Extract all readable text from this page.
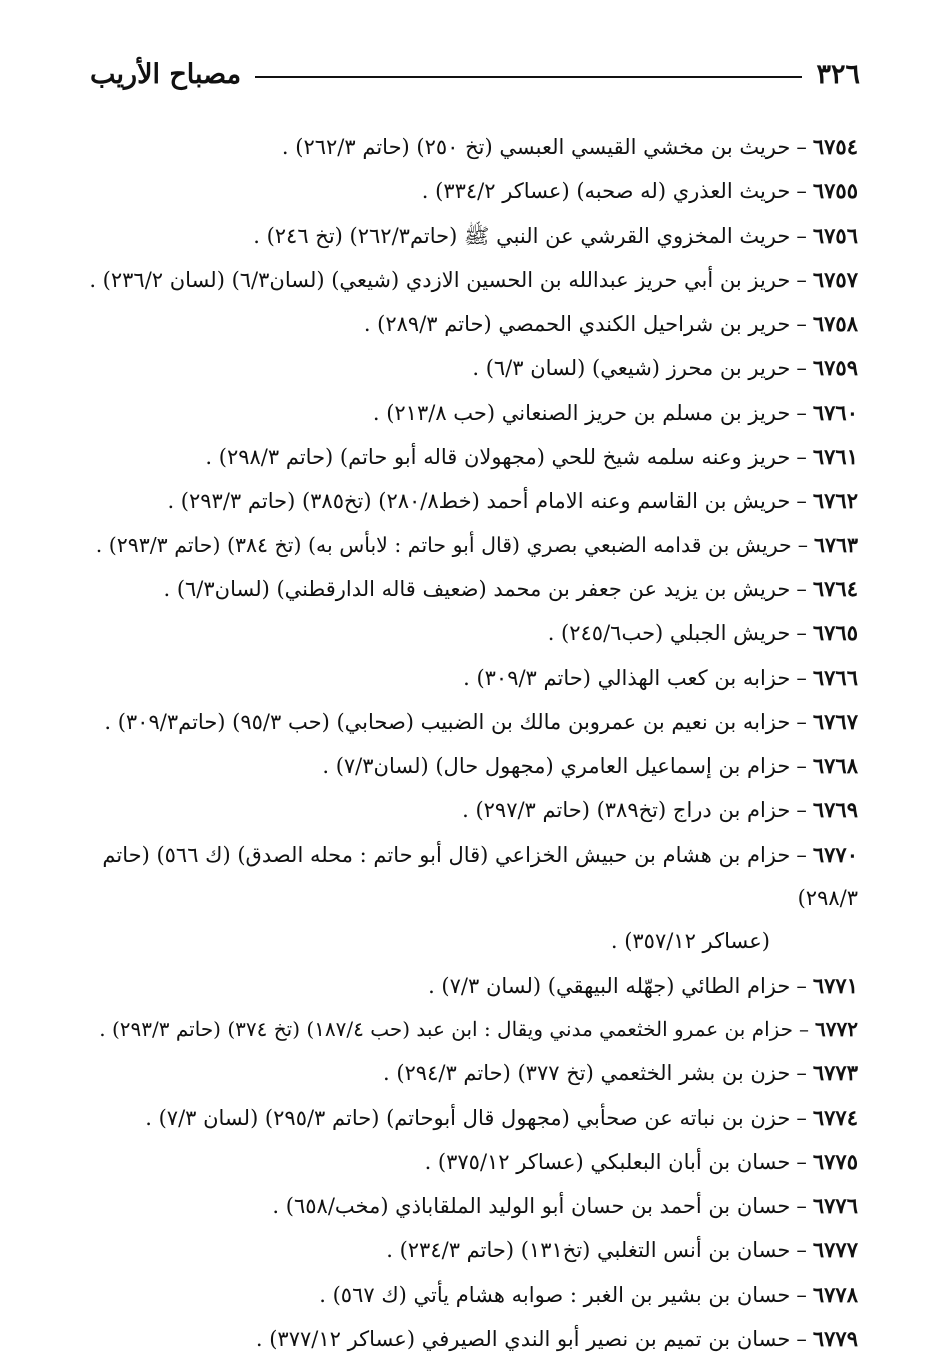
٣٢٦
مصباح الأريب
٦٧٥٤–حريث بن مخشي القيسي العبسي (تخ ٢٥٠) (حاتم ٢٦٢/٣) .
٦٧٥٥–حريث العذري (له صحبه) (عساكر ٣٣٤/٢) .
٦٧٥٦–حريث المخزوي القرشي عن النبي ﷺ (حاتم٢٦٢/٣) (تخ ٢٤٦) .
٦٧٥٧–حريز بن أبي حريز عبدالله بن الحسين الازدي (شيعي) (لسان٦/٣) (لسان ٢٣٦/٢) .
٦٧٥٨–حرير بن شراحيل الكندي الحمصي (حاتم ٢٨٩/٣) .
٦٧٥٩–حرير بن محرز (شيعي) (لسان ٦/٣) .
٦٧٦٠–حريز بن مسلم بن حريز الصنعاني (حب ٢١٣/٨) .
٦٧٦١–حريز وعنه سلمه شيخ للحي (مجهولان قاله أبو حاتم) (حاتم ٢٩٨/٣) .
٦٧٦٢–حريش بن القاسم وعنه الامام أحمد (خط٢٨٠/٨) (تخ٣٨٥) (حاتم ٢٩٣/٣) .
٦٧٦٣–حريش بن قدامه الضبعي بصري (قال أبو حاتم : لابأس به) (تخ ٣٨٤) (حاتم ٢٩٣/٣) .
٦٧٦٤–حريش بن يزيد عن جعفر بن محمد (ضعيف قاله الدارقطني) (لسان٦/٣) .
٦٧٦٥–حريش الجبلي (حب٢٤٥/٦) .
٦٧٦٦–حزابه بن كعب الهذالي (حاتم ٣٠٩/٣) .
٦٧٦٧–حزابه بن نعيم بن عمروبن مالك بن الضبيب (صحابي) (حب ٩٥/٣) (حاتم٣٠٩/٣) .
٦٧٦٨–حزام بن إسماعيل العامري (مجهول حال) (لسان٧/٣) .
٦٧٦٩–حزام بن دراج (تخ٣٨٩) (حاتم ٢٩٧/٣) .
٦٧٧٠–حزام بن هشام بن حبيش الخزاعي (قال أبو حاتم : محله الصدق) (ك ٥٦٦) (حاتم ٢٩٨/٣)
(عساكر ٣٥٧/١٢) .
٦٧٧١–حزام الطائي (جهّله البيهقي) (لسان ٧/٣) .
٦٧٧٢–حزام بن عمرو الخثعمي مدني ويقال : ابن عبد (حب ١٨٧/٤) (تخ ٣٧٤) (حاتم ٢٩٣/٣) .
٦٧٧٣–حزن بن بشر الخثعمي (تخ ٣٧٧) (حاتم ٢٩٤/٣) .
٦٧٧٤–حزن بن نباته عن صحأبي (مجهول قال أبوحاتم) (حاتم ٢٩٥/٣) (لسان ٧/٣) .
٦٧٧٥–حسان بن أبان البعلبكي (عساكر ٣٧٥/١٢) .
٦٧٧٦–حسان بن أحمد بن حسان أبو الوليد الملقاباذي (مخب/٦٥٨) .
٦٧٧٧–حسان بن أنس التغلبي (تخ١٣١) (حاتم ٢٣٤/٣) .
٦٧٧٨–حسان بن بشير بن الغبر : صوابه هشام يأتي (ك ٥٦٧) .
٦٧٧٩–حسان بن تميم بن نصير أبو الندي الصيرفي (عساكر ٣٧٧/١٢) .
